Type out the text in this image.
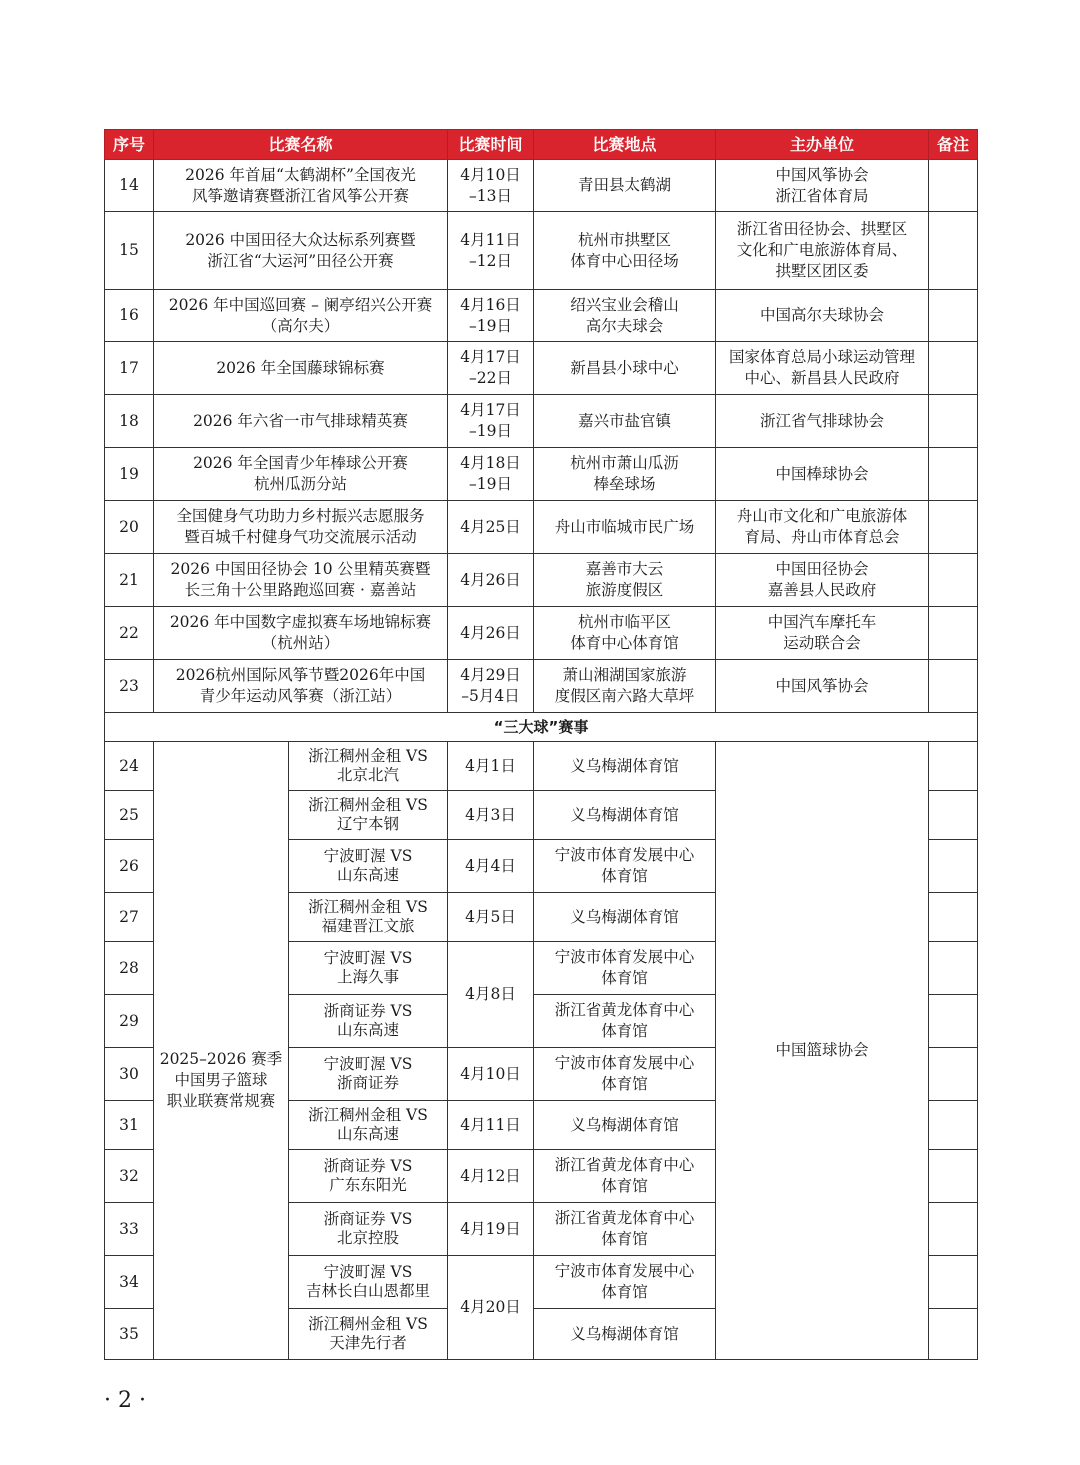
序号	比赛名称		比赛时间	比赛地点	主办单位	备注
14	2026 年首届“太鹤湖杯”全国夜光
风筝邀请赛暨浙江省风筝公开赛		4月10日
–13日	青田县太鹤湖	中国风筝协会
浙江省体育局	

15	2026 中国田径大众达标系列赛暨
浙江省“大运河”田径公开赛		4月11日
–12日	杭州市拱墅区
体育中心田径场	浙江省田径协会、拱墅区
文化和广电旅游体育局、
拱墅区团区委	

16	2026 年中国巡回赛 – 阑亭绍兴公开赛
（高尔夫）		4月16日
–19日	绍兴宝业会稽山
高尔夫球会	中国高尔夫球协会	

17	2026 年全国藤球锦标赛		4月17日
–22日	新昌县小球中心	国家体育总局小球运动管理
中心、新昌县人民政府	

18	2026 年六省一市气排球精英赛		4月17日
–19日	嘉兴市盐官镇	浙江省气排球协会	

19	2026 年全国青少年棒球公开赛
杭州瓜沥分站		4月18日
–19日	杭州市萧山瓜沥
棒垒球场	中国棒球协会	

20	全国健身气功助力乡村振兴志愿服务
暨百城千村健身气功交流展示活动		4月25日	舟山市临城市民广场	舟山市文化和广电旅游体
育局、舟山市体育总会	

21	2026 中国田径协会 10 公里精英赛暨
长三角十公里路跑巡回赛 · 嘉善站		4月26日	嘉善市大云
旅游度假区	中国田径协会
嘉善县人民政府	

22	2026 年中国数字虚拟赛车场地锦标赛
（杭州站）		4月26日	杭州市临平区
体育中心体育馆	中国汽车摩托车
运动联合会	

23	2026杭州国际风筝节暨2026年中国
青少年运动风筝赛（浙江站）		4月29日
–5月4日	萧山湘湖国家旅游
度假区南六路大草坪	中国风筝协会	

“三大球”赛事						
24	2025–2026 赛季
中国男子篮球
职业联赛常规赛	浙江稠州金租 VS
北京北汽	4月1日	义乌梅湖体育馆	中国篮球协会	
25		浙江稠州金租 VS
辽宁本钢	4月3日	义乌梅湖体育馆		

26		宁波町渥 VS
山东高速	4月4日	宁波市体育发展中心
体育馆		

27		浙江稠州金租 VS
福建晋江文旅	4月5日	义乌梅湖体育馆		

28		宁波町渥 VS
上海久事	4月8日	宁波市体育发展中心
体育馆		

29		浙商证券 VS
山东高速		浙江省黄龙体育中心
体育馆		

30		宁波町渥 VS
浙商证券	4月10日	宁波市体育发展中心
体育馆		

31		浙江稠州金租 VS
山东高速	4月11日	义乌梅湖体育馆		

32		浙商证券 VS
广东东阳光	4月12日	浙江省黄龙体育中心
体育馆		

33		浙商证券 VS
北京控股	4月19日	浙江省黄龙体育中心
体育馆		

34		宁波町渥 VS
吉林长白山恩都里	4月20日	宁波市体育发展中心
体育馆		

35		浙江稠州金租 VS
天津先行者		义乌梅湖体育馆		

· 2 ·
